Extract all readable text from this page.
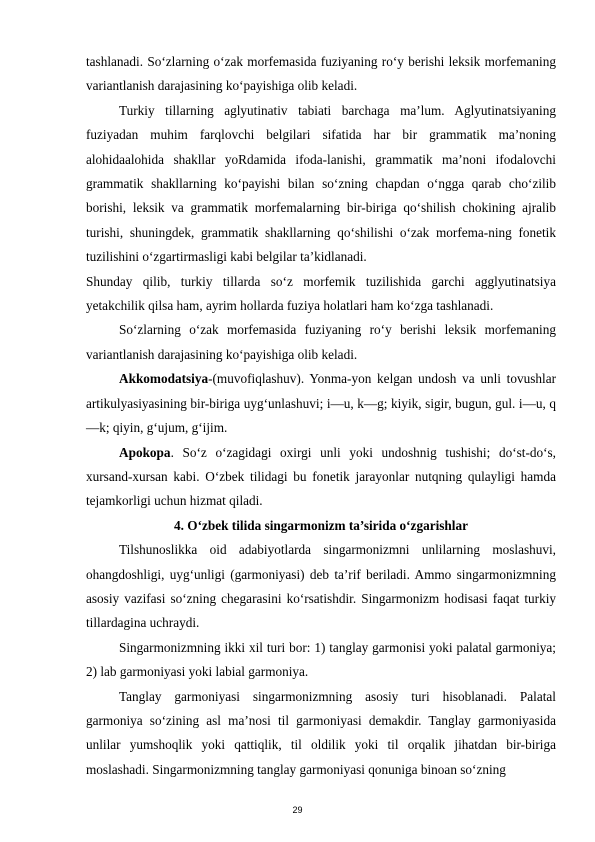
tashlanadi. So‘zlarning o‘zak morfemasida fuziyaning ro‘y berishi leksik morfemaning variantlanish darajasining ko‘payishiga olib keladi.

Turkiy tillarning aglyutinativ tabiati barchaga ma’lum. Aglyutinatsiyaning fuziyadan muhim farqlovchi belgilari sifatida har bir grammatik ma’noning alohidaalohida shakllar yoRdamida ifoda-lanishi, grammatik ma’noni ifodalovchi grammatik shakllarning ko‘payishi bilan so‘zning chapdan o‘ngga qarab cho‘zilib borishi, leksik va grammatik morfemalarning bir-biriga qo‘shilish chokining ajralib turishi, shuningdek, grammatik shakllarning qo‘shilishi o‘zak morfema-ning fonetik tuzilishini o‘zgartirmasligi kabi belgilar ta’kidlanadi.

Shunday qilib, turkiy tillarda so‘z morfemik tuzilishida garchi agglyutinatsiya yetakchilik qilsa ham, ayrim hollarda fuziya holatlari ham ko‘zga tashlanadi.

So‘zlarning o‘zak morfemasida fuziyaning ro‘y berishi leksik morfemaning variantlanish darajasining ko‘payishiga olib keladi.

Akkomodatsiya-(muvofiqlashuv). Yonma-yon kelgan undosh va unli tovushlar artikulyasiyasining bir-biriga uyg‘unlashuvi; i—u, k—g; kiyik, sigir, bugun, gul. i—u, q —k; qiyin, g‘ujum, g‘ijim.

Apokopa. So‘z o‘zagidagi oxirgi unli yoki undoshnig tushishi; do‘st-do‘s, xursand-xursan kabi. O‘zbek tilidagi bu fonetik jarayonlar nutqning qulayligi hamda tejamkorligi uchun hizmat qiladi.

4. O‘zbek tilida singarmonizm ta’sirida o‘zgarishlar

Tilshunoslikka oid adabiyotlarda singarmonizmni unlilarning moslashuvi, ohangdoshligi, uyg‘unligi (garmoniyasi) deb ta’rif beriladi. Ammo singarmonizmning asosiy vazifasi so‘zning chegarasini ko‘rsatishdir. Singarmonizm hodisasi faqat turkiy tillardagina uchraydi.

Singarmonizmning ikki xil turi bor: 1) tanglay garmonisi yoki palatal garmoniya; 2) lab garmoniyasi yoki labial garmoniya.

Tanglay garmoniyasi singarmonizmning asosiy turi hisoblanadi. Palatal garmoniya so‘zining asl ma’nosi til garmoniyasi demakdir. Tanglay garmoniyasida unlilar yumshoqlik yoki qattiqlik, til oldilik yoki til orqalik jihatdan bir-biriga moslashadi. Singarmonizmning tanglay garmoniyasi qonuniga binoan so‘zning

29
